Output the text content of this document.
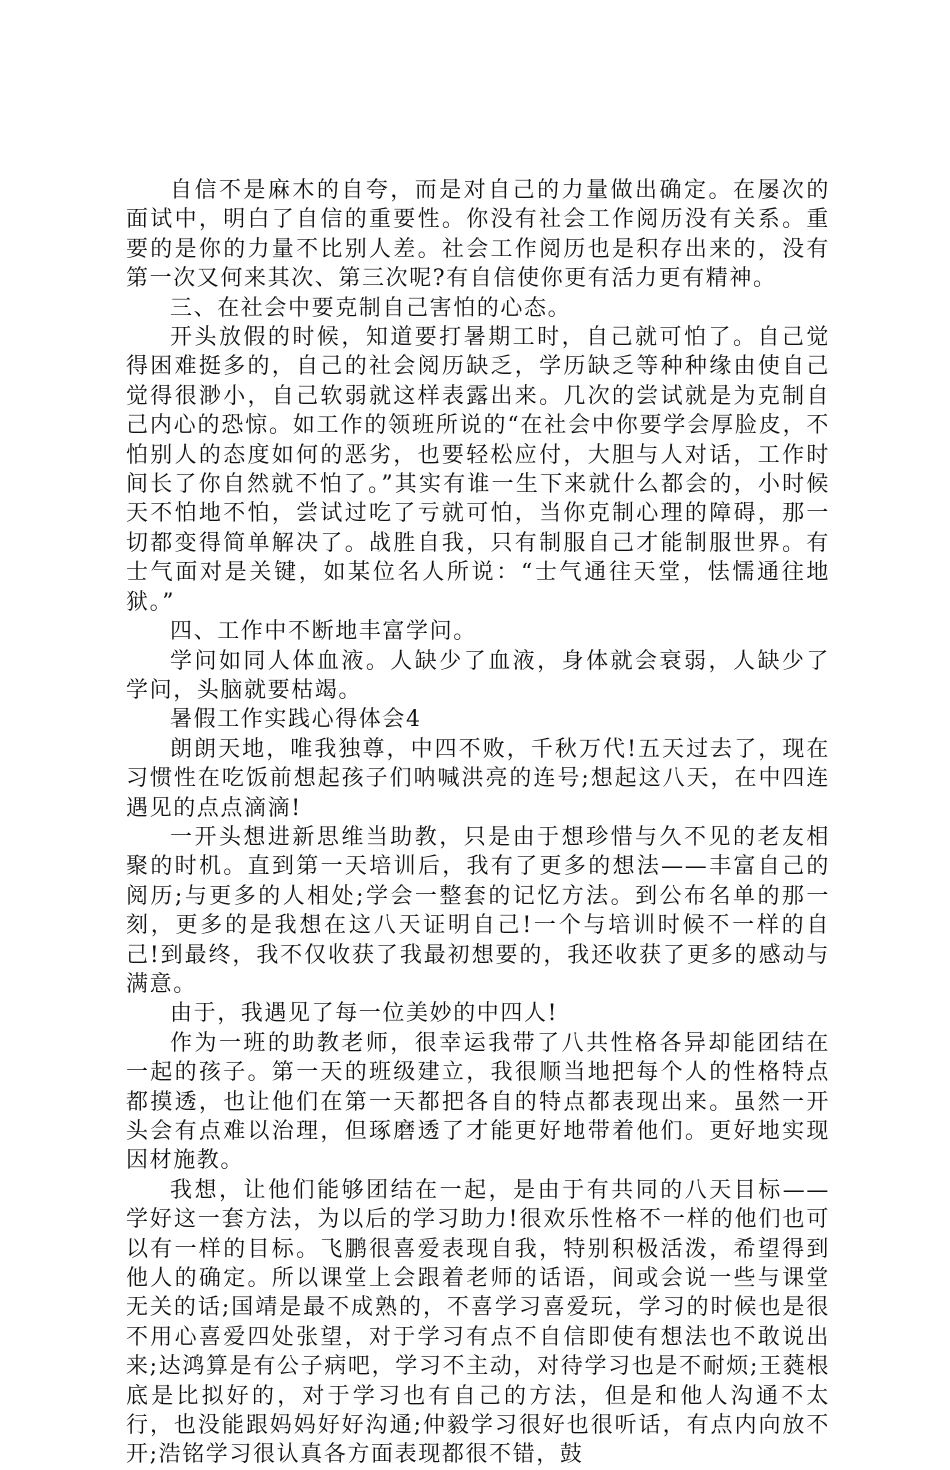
自信不是麻木的自夸，而是对自己的力量做出确定。在屡次的面试中，明白了自信的重要性。你没有社会工作阅历没有关系。重要的是你的力量不比别人差。社会工作阅历也是积存出来的，没有第一次又何来其次、第三次呢?有自信使你更有活力更有精神。

三、在社会中要克制自己害怕的心态。

开头放假的时候，知道要打暑期工时，自己就可怕了。自己觉得困难挺多的，自己的社会阅历缺乏，学历缺乏等种种缘由使自己觉得很渺小，自己软弱就这样表露出来。几次的尝试就是为克制自己内心的恐惊。如工作的领班所说的“在社会中你要学会厚脸皮，不怕别人的态度如何的恶劣，也要轻松应付，大胆与人对话，工作时间长了你自然就不怕了。”其实有谁一生下来就什么都会的，小时候天不怕地不怕，尝试过吃了亏就可怕，当你克制心理的障碍，那一切都变得简单解决了。战胜自我，只有制服自己才能制服世界。有士气面对是关键，如某位名人所说：“士气通往天堂，怯懦通往地狱。”

四、工作中不断地丰富学问。

学问如同人体血液。人缺少了血液，身体就会衰弱，人缺少了学问，头脑就要枯竭。

暑假工作实践心得体会4

朗朗天地，唯我独尊，中四不败，千秋万代!五天过去了，现在习惯性在吃饭前想起孩子们呐喊洪亮的连号;想起这八天，在中四连遇见的点点滴滴!

一开头想进新思维当助教，只是由于想珍惜与久不见的老友相聚的时机。直到第一天培训后，我有了更多的想法——丰富自己的阅历;与更多的人相处;学会一整套的记忆方法。到公布名单的那一刻，更多的是我想在这八天证明自己!一个与培训时候不一样的自己!到最终，我不仅收获了我最初想要的，我还收获了更多的感动与满意。

由于，我遇见了每一位美妙的中四人!

作为一班的助教老师，很幸运我带了八共性格各异却能团结在一起的孩子。第一天的班级建立，我很顺当地把每个人的性格特点都摸透，也让他们在第一天都把各自的特点都表现出来。虽然一开头会有点难以治理，但琢磨透了才能更好地带着他们。更好地实现因材施教。

我想，让他们能够团结在一起，是由于有共同的八天目标——学好这一套方法，为以后的学习助力!很欢乐性格不一样的他们也可以有一样的目标。飞鹏很喜爱表现自我，特别积极活泼，希望得到他人的确定。所以课堂上会跟着老师的话语，间或会说一些与课堂无关的话;国靖是最不成熟的，不喜学习喜爱玩，学习的时候也是很不用心喜爱四处张望，对于学习有点不自信即使有想法也不敢说出来;达鸿算是有公子病吧，学习不主动，对待学习也是不耐烦;王蕤根底是比拟好的，对于学习也有自己的方法，但是和他人沟通不太行，也没能跟妈妈好好沟通;仲毅学习很好也很听话，有点内向放不开;浩铭学习很认真各方面表现都很不错，鼓
